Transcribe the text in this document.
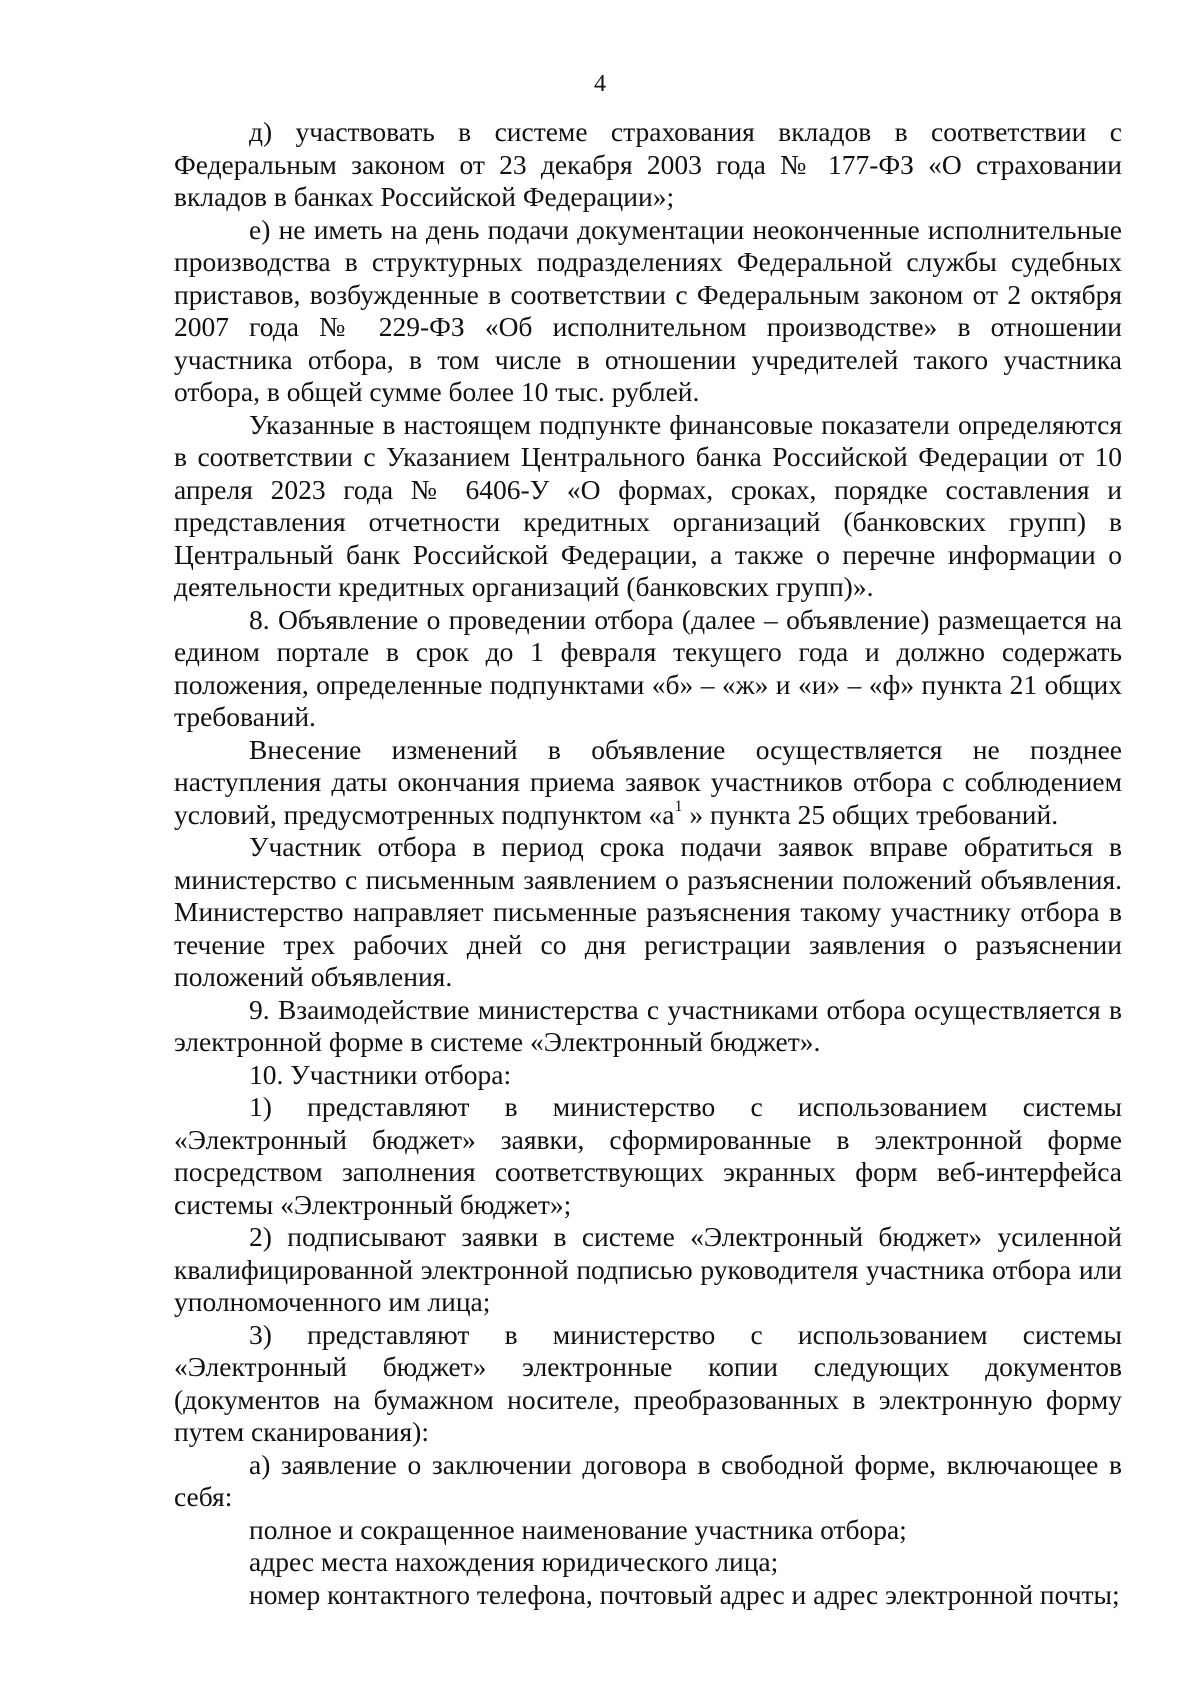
4

д) участвовать в системе страхования вкладов в соответствии с Федеральным законом от 23 декабря 2003 года № 177-ФЗ «О страховании вкладов в банках Российской Федерации»;

е) не иметь на день подачи документации неоконченные исполнительные производства в структурных подразделениях Федеральной службы судебных приставов, возбужденные в соответствии с Федеральным законом от 2 октября 2007 года № 229-ФЗ «Об исполнительном производстве» в отношении участника отбора, в том числе в отношении учредителей такого участника отбора, в общей сумме более 10 тыс. рублей.

Указанные в настоящем подпункте финансовые показатели определяются в соответствии с Указанием Центрального банка Российской Федерации от 10 апреля 2023 года № 6406-У «О формах, сроках, порядке составления и представления отчетности кредитных организаций (банковских групп) в Центральный банк Российской Федерации, а также о перечне информации о деятельности кредитных организаций (банковских групп)».

8. Объявление о проведении отбора (далее – объявление) размещается на едином портале в срок до 1 февраля текущего года и должно содержать положения, определенные подпунктами «б» – «ж» и «и» – «ф» пункта 21 общих требований.

Внесение изменений в объявление осуществляется не позднее наступления даты окончания приема заявок участников отбора с соблюдением условий, предусмотренных подпунктом «$а^1$ » пункта 25 общих требований.

Участник отбора в период срока подачи заявок вправе обратиться в министерство с письменным заявлением о разъяснении положений объявления. Министерство направляет письменные разъяснения такому участнику отбора в течение трех рабочих дней со дня регистрации заявления о разъяснении положений объявления.

9. Взаимодействие министерства с участниками отбора осуществляется в электронной форме в системе «Электронный бюджет».

10. Участники отбора:

1) представляют в министерство с использованием системы «Электронный бюджет» заявки, сформированные в электронной форме посредством заполнения соответствующих экранных форм веб-интерфейса системы «Электронный бюджет»;

2) подписывают заявки в системе «Электронный бюджет» усиленной квалифицированной электронной подписью руководителя участника отбора или уполномоченного им лица;

3) представляют в министерство с использованием системы «Электронный бюджет» электронные копии следующих документов (документов на бумажном носителе, преобразованных в электронную форму путем сканирования):

а) заявление о заключении договора в свободной форме, включающее в себя:

полное и сокращенное наименование участника отбора;

адрес места нахождения юридического лица;

номер контактного телефона, почтовый адрес и адрес электронной почты;
